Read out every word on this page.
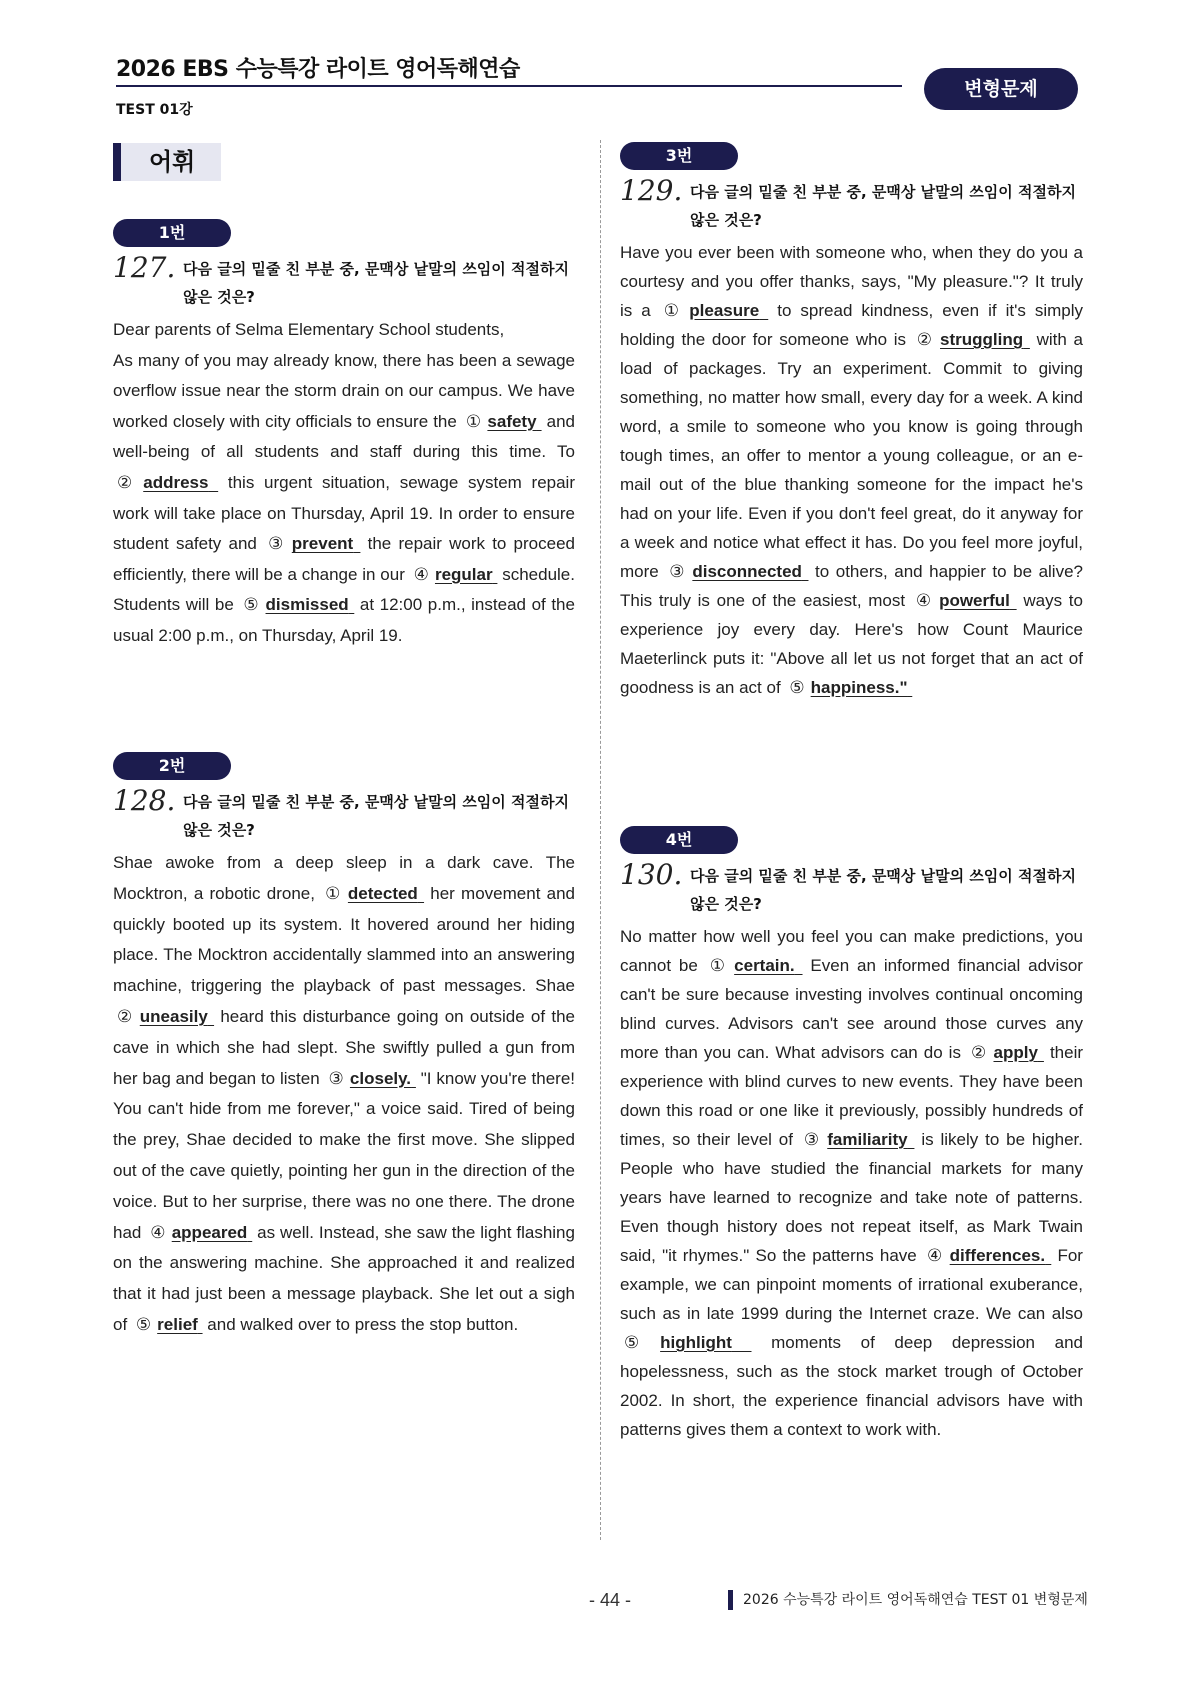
2026 EBS 수능특강 라이트 영어독해연습
변형문제
TEST 01강
어휘
1번
127. 다음 글의 밑줄 친 부분 중, 문맥상 낱말의 쓰임이 적절하지 않은 것은?
Dear parents of Selma Elementary School students,
As many of you may already know, there has been a sewage overflow issue near the storm drain on our campus. We have worked closely with city officials to ensure the ① safety and well-being of all students and staff during this time. To ② address this urgent situation, sewage system repair work will take place on Thursday, April 19. In order to ensure student safety and ③ prevent the repair work to proceed efficiently, there will be a change in our ④ regular schedule. Students will be ⑤ dismissed at 12:00 p.m., instead of the usual 2:00 p.m., on Thursday, April 19.
2번
128. 다음 글의 밑줄 친 부분 중, 문맥상 낱말의 쓰임이 적절하지 않은 것은?
Shae awoke from a deep sleep in a dark cave. The Mocktron, a robotic drone, ① detected her movement and quickly booted up its system. It hovered around her hiding place. The Mocktron accidentally slammed into an answering machine, triggering the playback of past messages. Shae ② uneasily heard this disturbance going on outside of the cave in which she had slept. She swiftly pulled a gun from her bag and began to listen ③ closely. "I know you're there! You can't hide from me forever," a voice said. Tired of being the prey, Shae decided to make the first move. She slipped out of the cave quietly, pointing her gun in the direction of the voice. But to her surprise, there was no one there. The drone had ④ appeared as well. Instead, she saw the light flashing on the answering machine. She approached it and realized that it had just been a message playback. She let out a sigh of ⑤ relief and walked over to press the stop button.
3번
129. 다음 글의 밑줄 친 부분 중, 문맥상 낱말의 쓰임이 적절하지 않은 것은?
Have you ever been with someone who, when they do you a courtesy and you offer thanks, says, "My pleasure."? It truly is a ① pleasure to spread kindness, even if it's simply holding the door for someone who is ② struggling with a load of packages. Try an experiment. Commit to giving something, no matter how small, every day for a week. A kind word, a smile to someone who you know is going through tough times, an offer to mentor a young colleague, or an e-mail out of the blue thanking someone for the impact he's had on your life. Even if you don't feel great, do it anyway for a week and notice what effect it has. Do you feel more joyful, more ③ disconnected to others, and happier to be alive? This truly is one of the easiest, most ④ powerful ways to experience joy every day. Here's how Count Maurice Maeterlinck puts it: "Above all let us not forget that an act of goodness is an act of ⑤ happiness."
4번
130. 다음 글의 밑줄 친 부분 중, 문맥상 낱말의 쓰임이 적절하지 않은 것은?
No matter how well you feel you can make predictions, you cannot be ① certain. Even an informed financial advisor can't be sure because investing involves continual oncoming blind curves. Advisors can't see around those curves any more than you can. What advisors can do is ② apply their experience with blind curves to new events. They have been down this road or one like it previously, possibly hundreds of times, so their level of ③ familiarity is likely to be higher. People who have studied the financial markets for many years have learned to recognize and take note of patterns. Even though history does not repeat itself, as Mark Twain said, "it rhymes." So the patterns have ④ differences. For example, we can pinpoint moments of irrational exuberance, such as in late 1999 during the Internet craze. We can also ⑤ highlight moments of deep depression and hopelessness, such as the stock market trough of October 2002. In short, the experience financial advisors have with patterns gives them a context to work with.
- 44 -	2026 수능특강 라이트 영어독해연습 TEST 01 변형문제
